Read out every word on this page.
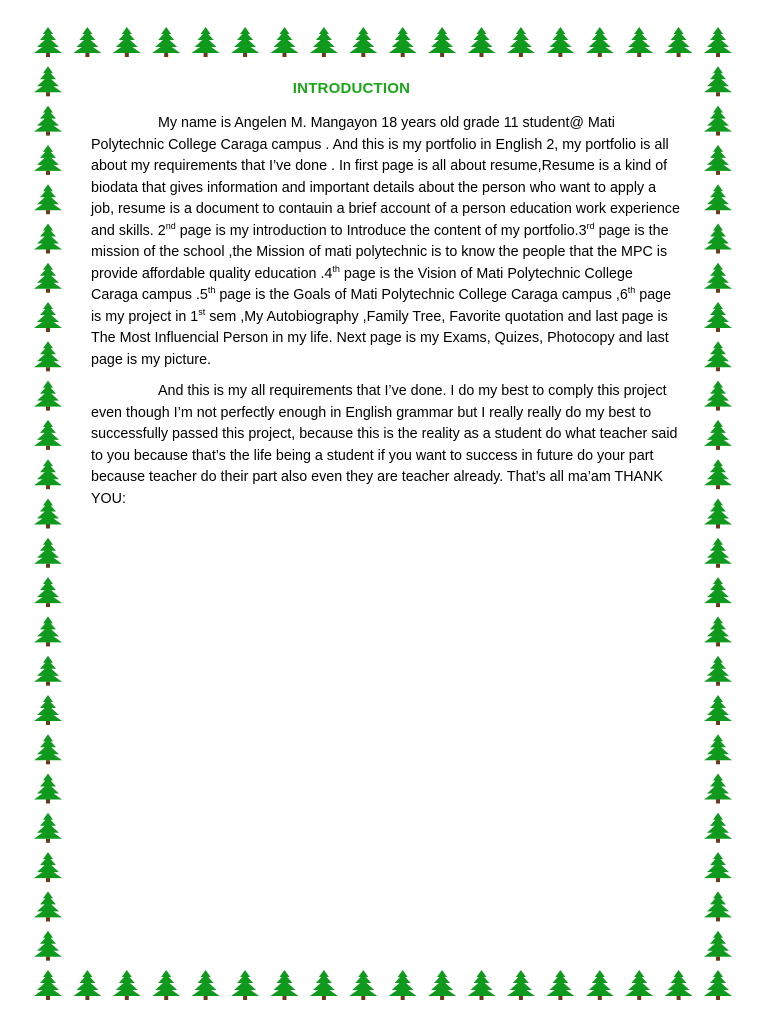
INTRODUCTION

My name is Angelen M. Mangayon 18 years old grade 11 student@ Mati Polytechnic College Caraga campus . And this is my portfolio in English 2, my portfolio is all about my requirements that I’ve done . In first page is all about resume,Resume is a kind of biodata that gives information and important details about the person who want to apply a job, resume is a document to contauin a brief account of a person education work experience and skills. 2nd page is my introduction to Introduce the content of my portfolio.3rd page is the mission of the school ,the Mission of mati polytechnic is to know the people that the MPC is provide affordable quality education .4th page is the Vision of Mati Polytechnic College Caraga campus .5th page is the Goals of Mati Polytechnic College Caraga campus ,6th page is my project in 1st sem ,My Autobiography ,Family Tree, Favorite quotation and last page is The Most Influencial Person in my life. Next page is my Exams, Quizes, Photocopy and last page is my picture.

And this is my all requirements that I’ve done. I do my best to comply this project even though I’m not perfectly enough in English grammar but I really really do my best to successfully passed this project, because this is the reality as a student do what teacher said to you because that’s the life being a student if you want to success in future do your part because teacher do their part also even they are teacher already. That’s all ma’am THANK YOU:
